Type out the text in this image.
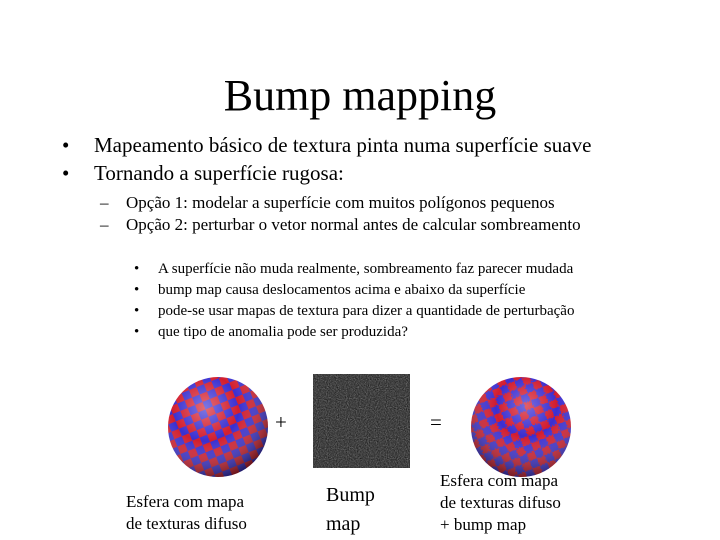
Bump mapping
• Mapeamento básico de textura pinta numa superfície suave
• Tornando a superfície rugosa:
– Opção 1: modelar a superfície com muitos polígonos pequenos
– Opção 2: perturbar o vetor normal antes de calcular sombreamento
• A superfície não muda realmente, sombreamento faz parecer mudada
• bump map causa deslocamentos acima e abaixo da superfície
• pode-se usar mapas de textura para dizer a quantidade de perturbação
• que tipo de anomalia pode ser produzida?
+	=
Esfera com mapa
de texturas difuso
Bump
map
Esfera com mapa
de texturas difuso
+ bump map
